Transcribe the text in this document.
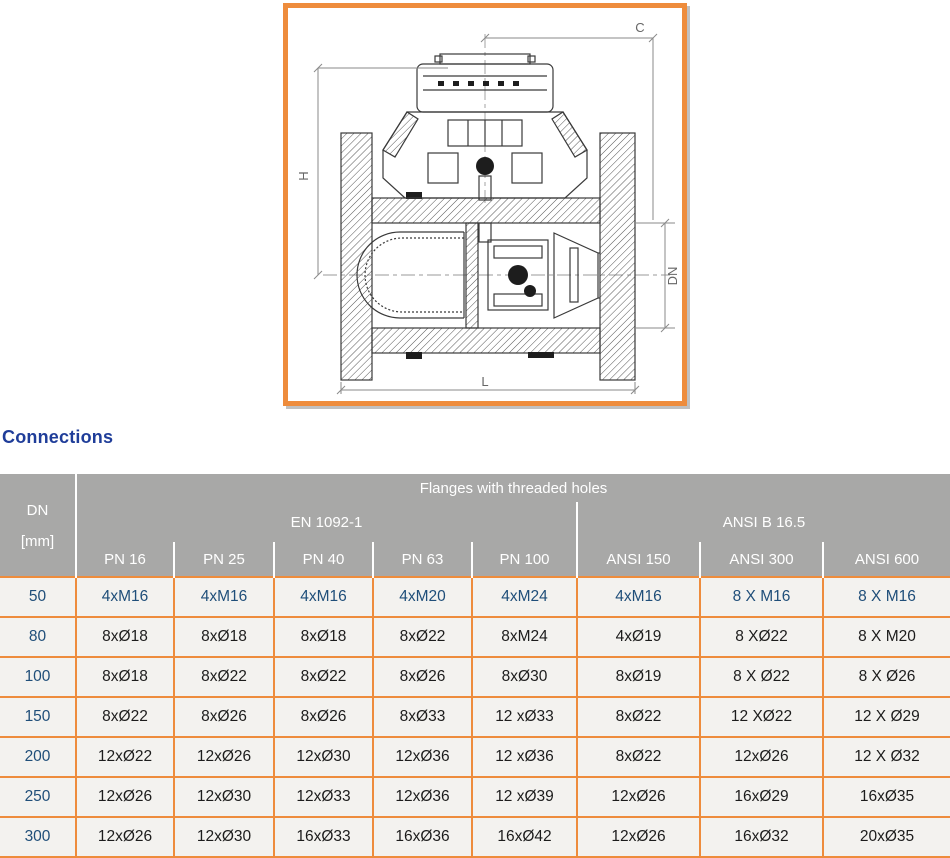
C
H
DN
L
Connections
DN
[mm]	Flanges with threaded holes							
	EN 1092-1					ANSI B 16.5		
	PN 16	PN 25	PN 40	PN 63	PN 100	ANSI 150	ANSI 300	ANSI 600
50	4xM16	4xM16	4xM16	4xM20	4xM24	4xM16	8 X M16	8 X M16
80	8xØ18	8xØ18	8xØ18	8xØ22	8xM24	4xØ19	8 XØ22	8 X M20
100	8xØ18	8xØ22	8xØ22	8xØ26	8xØ30	8xØ19	8 X Ø22	8 X Ø26
150	8xØ22	8xØ26	8xØ26	8xØ33	12 xØ33	8xØ22	12 XØ22	12 X Ø29
200	12xØ22	12xØ26	12xØ30	12xØ36	12 xØ36	8xØ22	12xØ26	12 X Ø32
250	12xØ26	12xØ30	12xØ33	12xØ36	12 xØ39	12xØ26	16xØ29	16xØ35
300	12xØ26	12xØ30	16xØ33	16xØ36	16xØ42	12xØ26	16xØ32	20xØ35
